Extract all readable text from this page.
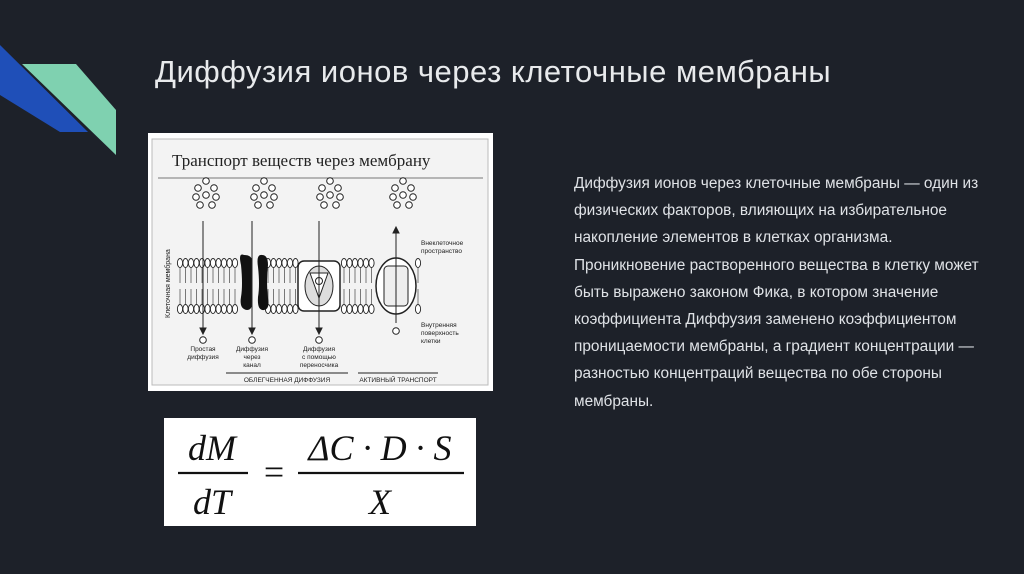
Диффузия ионов через клеточные мембраны
Транспорт веществ через мембрану
Клеточная мембрана
Внеклеточное
пространство
Внутренняя
поверхность
клетки
Простая
диффузия
Диффузия
через
канал
Диффузия
с помощью
переносчика
ОБЛЕГЧЕННАЯ ДИФФУЗИЯ	АКТИВНЫЙ ТРАНСПОРТ
dM
dT
=
ΔC · D · S
X
Диффузия ионов через клеточные мембраны — один из физических факторов, влияющих на избирательное накопление элементов в клетках организма. Проникновение растворенного вещества в клетку может быть выражено законом Фика, в котором значение коэффициента Диффузия заменено коэффициентом проницаемости мембраны, а градиент концентрации — разностью концентраций вещества по обе стороны мембраны.
